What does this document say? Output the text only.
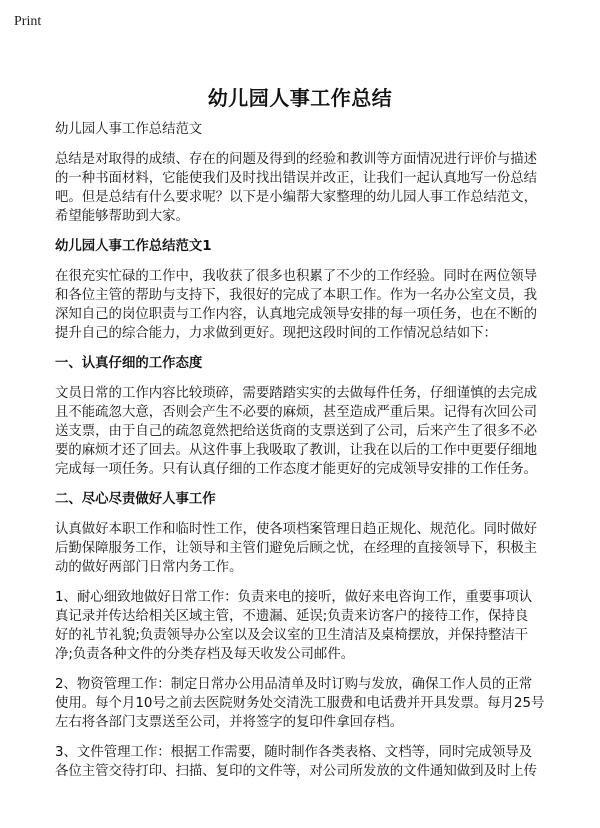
Print
幼儿园人事工作总结
幼儿园人事工作总结范文
总结是对取得的成绩、存在的问题及得到的经验和教训等方面情况进行评价与描述
的一种书面材料，它能使我们及时找出错误并改正，让我们一起认真地写一份总结
吧。但是总结有什么要求呢？以下是小编帮大家整理的幼儿园人事工作总结范文，
希望能够帮助到大家。
幼儿园人事工作总结范文1
在很充实忙碌的工作中，我收获了很多也积累了不少的工作经验。同时在两位领导
和各位主管的帮助与支持下，我很好的完成了本职工作。作为一名办公室文员，我
深知自己的岗位职责与工作内容，认真地完成领导安排的每一项任务，也在不断的
提升自己的综合能力，力求做到更好。现把这段时间的工作情况总结如下：
一、认真仔细的工作态度
文员日常的工作内容比较琐碎，需要踏踏实实的去做每件任务，仔细谨慎的去完成
且不能疏忽大意，否则会产生不必要的麻烦，甚至造成严重后果。记得有次回公司
送支票，由于自己的疏忽竟然把给送货商的支票送到了公司，后来产生了很多不必
要的麻烦才还了回去。从这件事上我吸取了教训，让我在以后的工作中更要仔细地
完成每一项任务。只有认真仔细的工作态度才能更好的完成领导安排的工作任务。
二、尽心尽责做好人事工作
认真做好本职工作和临时性工作，使各项档案管理日趋正规化、规范化。同时做好
后勤保障服务工作，让领导和主管们避免后顾之忧，在经理的直接领导下，积极主
动的做好两部门日常内务工作。
1、耐心细致地做好日常工作：负责来电的接听，做好来电咨询工作，重要事项认
真记录并传达给相关区域主管，不遗漏、延误;负责来访客户的接待工作，保持良
好的礼节礼貌;负责领导办公室以及会议室的卫生清洁及桌椅摆放，并保持整洁干
净;负责各种文件的分类存档及每天收发公司邮件。
2、物资管理工作：制定日常办公用品清单及时订购与发放，确保工作人员的正常
使用。每个月10号之前去医院财务处交清洗工服费和电话费并开具发票。每月25号
左右将各部门支票送至公司，并将签字的复印件拿回存档。
3、文件管理工作：根据工作需要，随时制作各类表格、文档等，同时完成领导及
各位主管交待打印、扫描、复印的文件等，对公司所发放的文件通知做到及时上传
